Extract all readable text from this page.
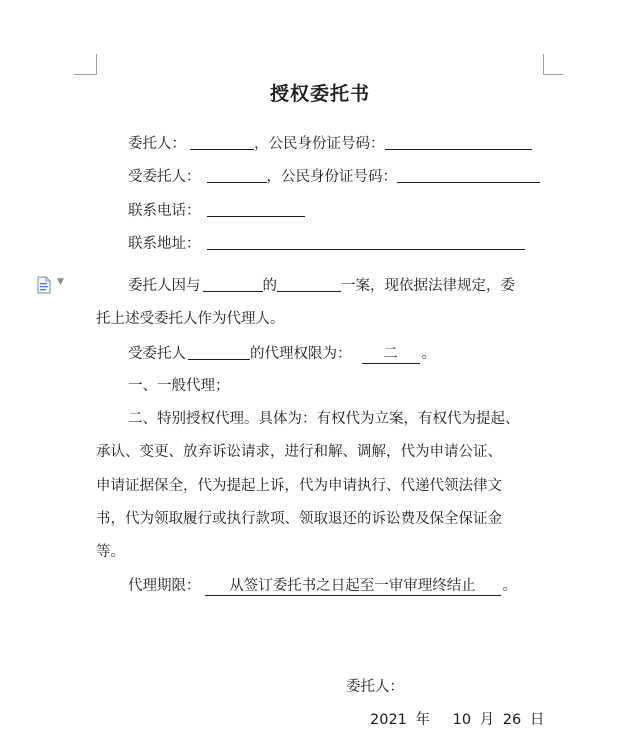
授权委托书
委托人：	，公民身份证号码：
受委托人：	，公民身份证号码：
联系电话：
联系地址：
▼	委托人因与	的	一案，现依据法律规定，委
托上述受委托人作为代理人。
受委托人	的代理权限为： 二 。
一、一般代理；
二、特别授权代理。具体为：有权代为立案，有权代为提起、
承认、变更、放弃诉讼请求，进行和解、调解，代为申请公证、
申请证据保全，代为提起上诉，代为申请执行、代递代领法律文
书，代为领取履行或执行款项、领取退还的诉讼费及保全保证金
等。
代理期限： 从签订委托书之日起至一审审理终结止 。
委托人：
2021 年 10 月 26 日
